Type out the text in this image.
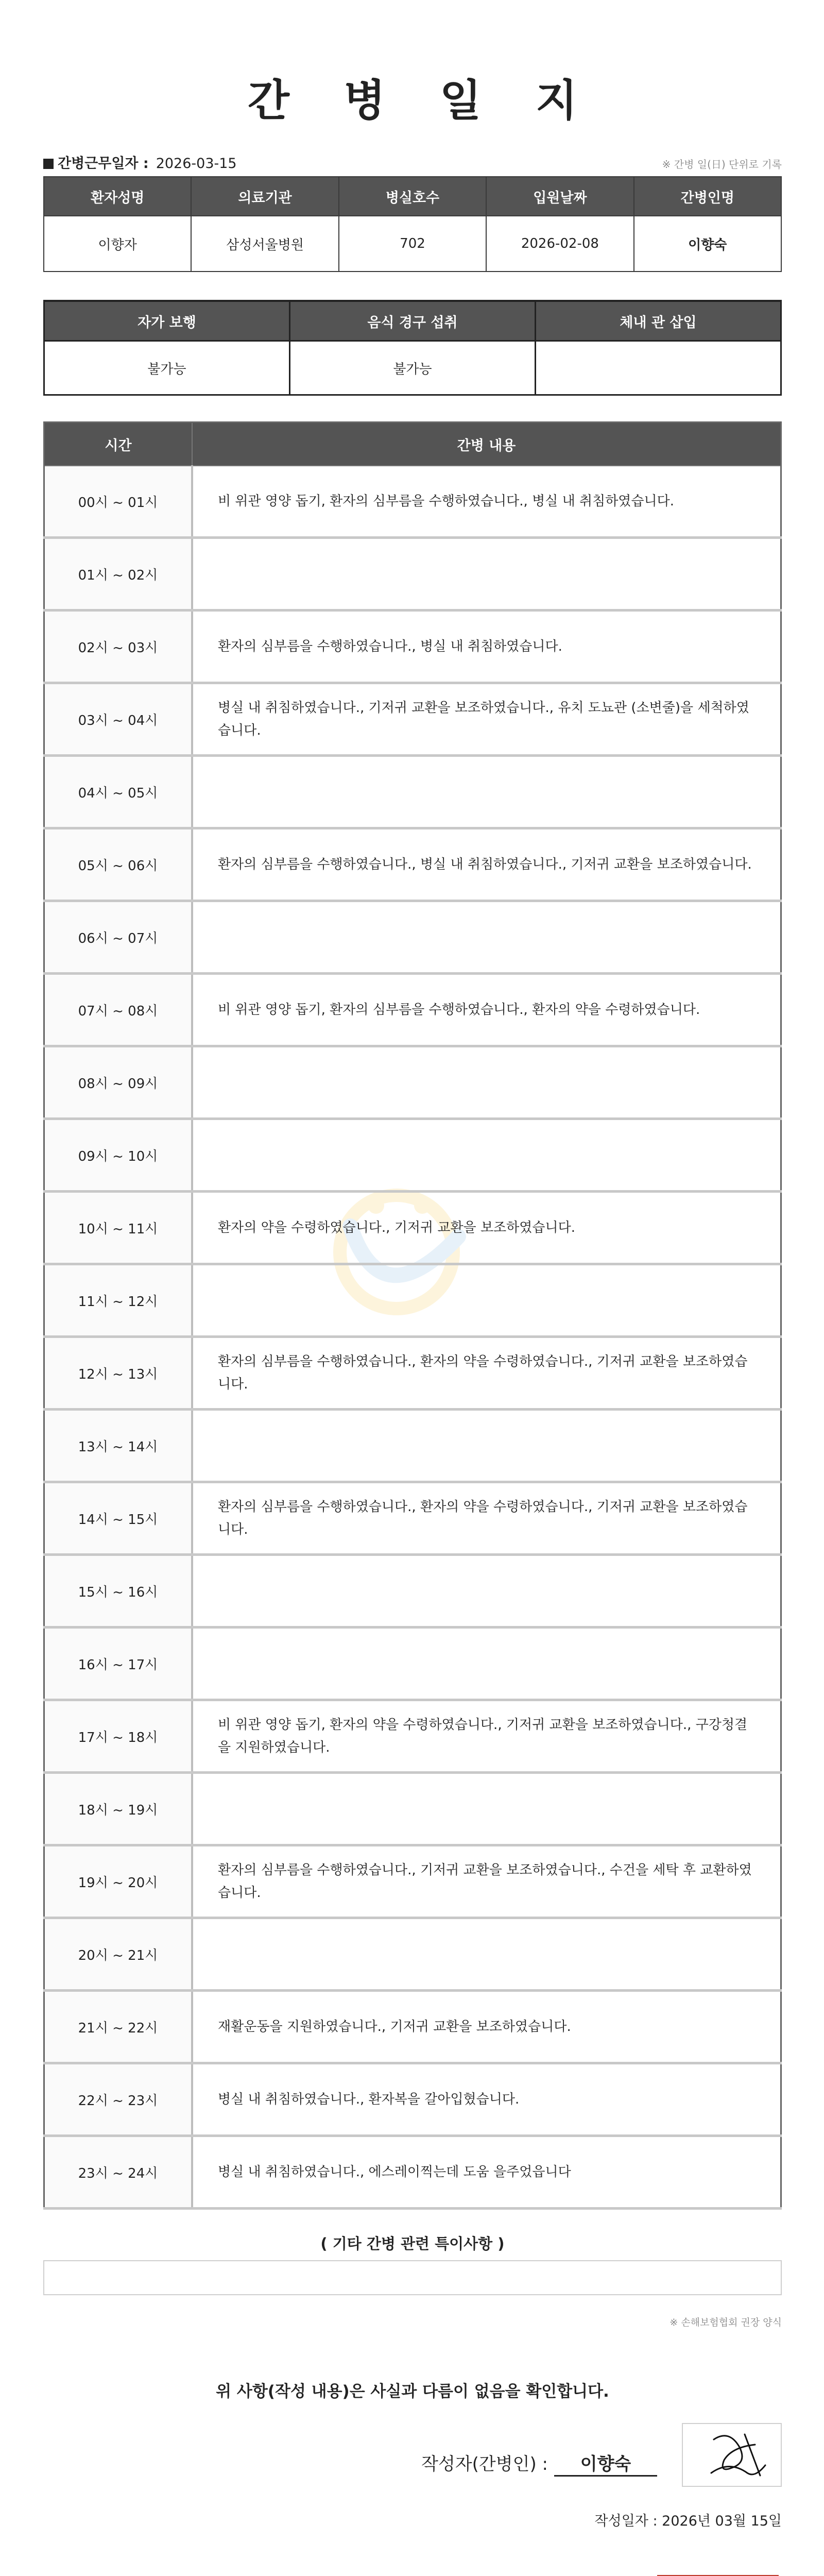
간 병 일 지
간병근무일자 : 2026-03-15	※ 간병 일(日) 단위로 기록
환자성명	의료기관	병실호수	입원날짜	간병인명
이향자	삼성서울병원	702	2026-02-08	이향숙
자가 보행	음식 경구 섭취	체내 관 삽입
불가능	불가능	
시간	간병 내용
00시 ~ 01시	비 위관 영양 돕기, 환자의 심부름을 수행하였습니다., 병실 내 취침하였습니다.
01시 ~ 02시	
02시 ~ 03시	환자의 심부름을 수행하였습니다., 병실 내 취침하였습니다.
03시 ~ 04시	병실 내 취침하였습니다., 기저귀 교환을 보조하였습니다., 유치 도뇨관 (소변줄)을 세척하였습니다.
04시 ~ 05시	
05시 ~ 06시	환자의 심부름을 수행하였습니다., 병실 내 취침하였습니다., 기저귀 교환을 보조하였습니다.
06시 ~ 07시	
07시 ~ 08시	비 위관 영양 돕기, 환자의 심부름을 수행하였습니다., 환자의 약을 수령하였습니다.
08시 ~ 09시	
09시 ~ 10시	
10시 ~ 11시	환자의 약을 수령하였습니다., 기저귀 교환을 보조하였습니다.
11시 ~ 12시	
12시 ~ 13시	환자의 심부름을 수행하였습니다., 환자의 약을 수령하였습니다., 기저귀 교환을 보조하였습니다.
13시 ~ 14시	
14시 ~ 15시	환자의 심부름을 수행하였습니다., 환자의 약을 수령하였습니다., 기저귀 교환을 보조하였습니다.
15시 ~ 16시	
16시 ~ 17시	
17시 ~ 18시	비 위관 영양 돕기, 환자의 약을 수령하였습니다., 기저귀 교환을 보조하였습니다., 구강청결을 지원하였습니다.
18시 ~ 19시	
19시 ~ 20시	환자의 심부름을 수행하였습니다., 기저귀 교환을 보조하였습니다., 수건을 세탁 후 교환하였습니다.
20시 ~ 21시	
21시 ~ 22시	재활운동을 지원하였습니다., 기저귀 교환을 보조하였습니다.
22시 ~ 23시	병실 내 취침하였습니다., 환자복을 갈아입혔습니다.
23시 ~ 24시	병실 내 취침하였습니다., 에스레이찍는데 도움 을주었읍니다
( 기타 간병 관련 특이사항 )
※ 손해보험협회 권장 양식
위 사항(작성 내용)은 사실과 다름이 없음을 확인합니다.
작성자(간병인) : 이향숙
작성일자 : 2026년 03월 15일
